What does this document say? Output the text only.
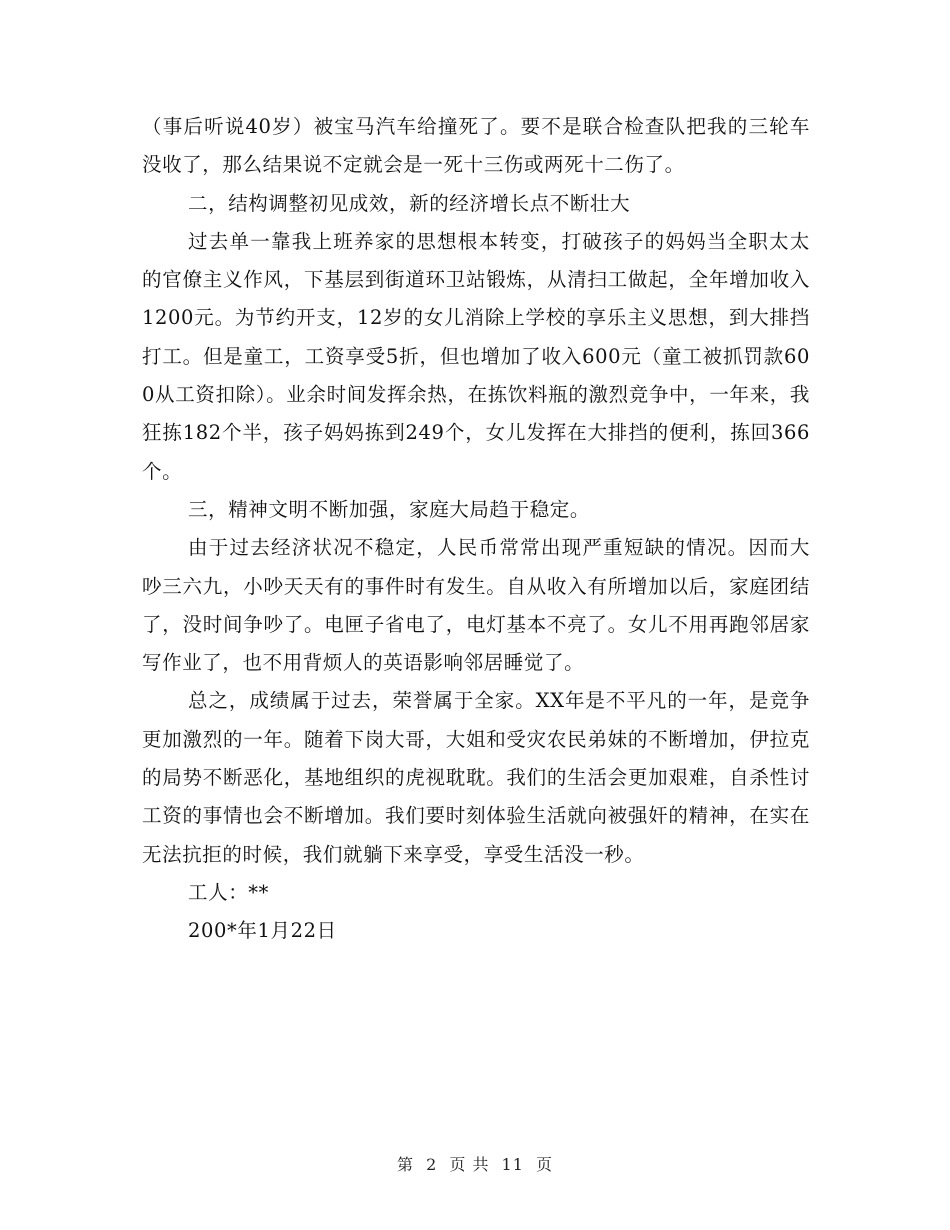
（事后听说40岁）被宝马汽车给撞死了。要不是联合检查队把我的三轮车没收了，那么结果说不定就会是一死十三伤或两死十二伤了。

二，结构调整初见成效，新的经济增长点不断壮大

过去单一靠我上班养家的思想根本转变，打破孩子的妈妈当全职太太的官僚主义作风，下基层到街道环卫站锻炼，从清扫工做起，全年增加收入1200元。为节约开支，12岁的女儿消除上学校的享乐主义思想，到大排挡打工。但是童工，工资享受5折，但也增加了收入600元（童工被抓罚款600从工资扣除）。业余时间发挥余热，在拣饮料瓶的激烈竞争中，一年来，我狂拣182个半，孩子妈妈拣到249个，女儿发挥在大排挡的便利，拣回366个。

三，精神文明不断加强，家庭大局趋于稳定。

由于过去经济状况不稳定，人民币常常出现严重短缺的情况。因而大吵三六九，小吵天天有的事件时有发生。自从收入有所增加以后，家庭团结了，没时间争吵了。电匣子省电了，电灯基本不亮了。女儿不用再跑邻居家写作业了，也不用背烦人的英语影响邻居睡觉了。

总之，成绩属于过去，荣誉属于全家。XX年是不平凡的一年，是竞争更加激烈的一年。随着下岗大哥，大姐和受灾农民弟妹的不断增加，伊拉克的局势不断恶化，基地组织的虎视耽耽。我们的生活会更加艰难，自杀性讨工资的事情也会不断增加。我们要时刻体验生活就向被强奸的精神，在实在无法抗拒的时候，我们就躺下来享受，享受生活没一秒。

工人：**

200*年1月22日

第 2 页 共 11 页
